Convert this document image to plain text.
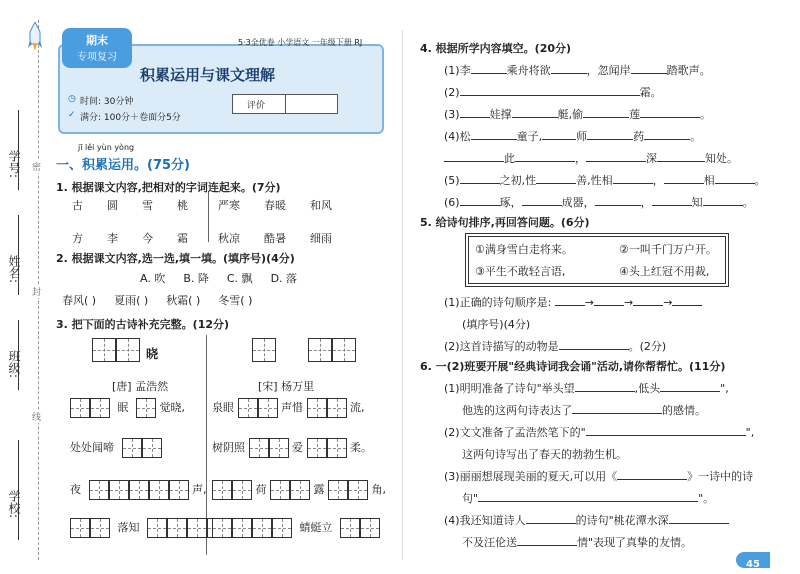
学号:
姓名:
班级:
学校:
密
封
线
期末
专项复习
5·3全优卷 小学语文 一年级下册 RJ
积累运用与课文理解
◷ 时间: 30分钟
✓ 满分: 100分＋卷面分5分
评价
jī lěi yùn yòng
一、积累运用。(75分)
1. 根据课文内容,把相对的字词连起来。(7分)
古 圆 雪 桃	严寒 春暖 和风
方 李 今 霜	秋凉 酷暑 细雨
2. 根据课文内容,选一选,填一填。(填序号)(4分)
A. 吹 B. 降 C. 飘 D. 落
春风( ) 夏雨( ) 秋霜( ) 冬雪( )
3. 把下面的古诗补充完整。(12分)
晓
[唐] 孟浩然
眠	觉晓,
处处闻啼
夜	声,
落知
[宋] 杨万里
泉眼	声惜	流,
树阴照	爱	柔。
荷	露	角,
蜻蜓立
4. 根据所学内容填空。(20分)
(1)李	乘舟将欲	，忽闻岸	踏歌声。
(2)	霜。
(3)	娃撑	艇,偷	莲	。
(4)松	童子,	师	药	。
此	，	深	知处。
(5)	之初,性	善,性相	，	相	。
(6)	琢，	成器，	，	知	。
5. 给诗句排序,再回答问题。(6分)
①满身雪白走将来。	②一叫千门万户开。
③平生不敢轻言语,	④头上红冠不用裁,
(1)正确的诗句顺序是:	→	→	→
(填序号)(4分)
(2)这首诗描写的动物是	。(2分)
6. 一(2)班要开展"经典诗词我会诵"活动,请你帮帮忙。(11分)
(1)明明准备了诗句"举头望	,低头	",
他选的这两句诗表达了	的感情。
(2)文文准备了孟浩然笔下的"	",
这两句诗写出了春天的勃勃生机。
(3)丽丽想展现美丽的夏天,可以用《	》一诗中的诗
句"	"。
(4)我还知道诗人	的诗句"桃花潭水深
不及汪伦送	情"表现了真挚的友情。
45
